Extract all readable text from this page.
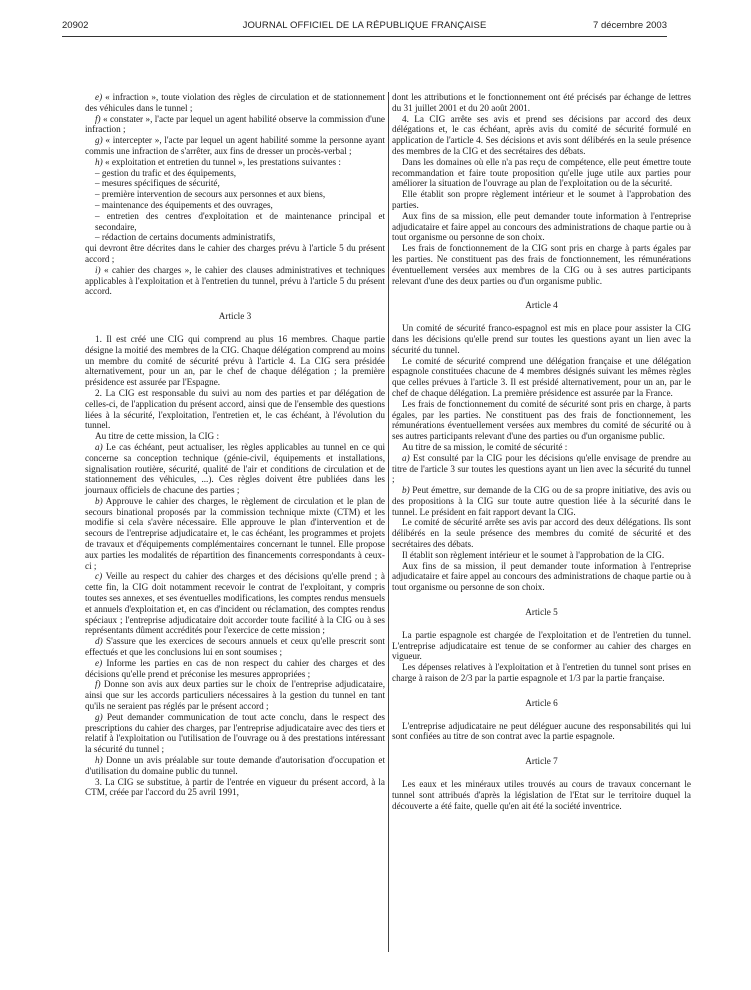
20902	JOURNAL OFFICIEL DE LA RÉPUBLIQUE FRANÇAISE	7 décembre 2003

e) « infraction », toute violation des règles de circulation et de stationnement des véhicules dans le tunnel ;

f) « constater », l'acte par lequel un agent habilité observe la commission d'une infraction ;

g) « intercepter », l'acte par lequel un agent habilité somme la personne ayant commis une infraction de s'arrêter, aux fins de dresser un procès-verbal ;

h) « exploitation et entretien du tunnel », les prestations suivantes :

– gestion du trafic et des équipements,
– mesures spécifiques de sécurité,
– première intervention de secours aux personnes et aux biens,
– maintenance des équipements et des ouvrages,
– entretien des centres d'exploitation et de maintenance principal et secondaire,
– rédaction de certains documents administratifs,

qui devront être décrites dans le cahier des charges prévu à l'article 5 du présent accord ;

i) « cahier des charges », le cahier des clauses administratives et techniques applicables à l'exploitation et à l'entretien du tunnel, prévu à l'article 5 du présent accord.

Article 3

1. Il est créé une CIG qui comprend au plus 16 membres. Chaque partie désigne la moitié des membres de la CIG. Chaque délégation comprend au moins un membre du comité de sécurité prévu à l'article 4. La CIG sera présidée alternativement, pour un an, par le chef de chaque délégation ; la première présidence est assurée par l'Espagne.

2. La CIG est responsable du suivi au nom des parties et par délégation de celles-ci, de l'application du présent accord, ainsi que de l'ensemble des questions liées à la sécurité, l'exploitation, l'entretien et, le cas échéant, à l'évolution du tunnel.

Au titre de cette mission, la CIG :

a) Le cas échéant, peut actualiser, les règles applicables au tunnel en ce qui concerne sa conception technique (génie-civil, équipements et installations, signalisation routière, sécurité, qualité de l'air et conditions de circulation et de stationnement des véhicules, ...). Ces règles doivent être publiées dans les journaux officiels de chacune des parties ;

b) Approuve le cahier des charges, le règlement de circulation et le plan de secours binational proposés par la commission technique mixte (CTM) et les modifie si cela s'avère nécessaire. Elle approuve le plan d'intervention et de secours de l'entreprise adjudicataire et, le cas échéant, les programmes et projets de travaux et d'équipements complémentaires concernant le tunnel. Elle propose aux parties les modalités de répartition des financements correspondants à ceux-ci ;

c) Veille au respect du cahier des charges et des décisions qu'elle prend ; à cette fin, la CIG doit notamment recevoir le contrat de l'exploitant, y compris toutes ses annexes, et ses éventuelles modifications, les comptes rendus mensuels et annuels d'exploitation et, en cas d'incident ou réclamation, des comptes rendus spéciaux ; l'entreprise adjudicataire doit accorder toute facilité à la CIG ou à ses représentants dûment accrédités pour l'exercice de cette mission ;

d) S'assure que les exercices de secours annuels et ceux qu'elle prescrit sont effectués et que les conclusions lui en sont soumises ;

e) Informe les parties en cas de non respect du cahier des charges et des décisions qu'elle prend et préconise les mesures appropriées ;

f) Donne son avis aux deux parties sur le choix de l'entreprise adjudicataire, ainsi que sur les accords particuliers nécessaires à la gestion du tunnel en tant qu'ils ne seraient pas réglés par le présent accord ;

g) Peut demander communication de tout acte conclu, dans le respect des prescriptions du cahier des charges, par l'entreprise adjudicataire avec des tiers et relatif à l'exploitation ou l'utilisation de l'ouvrage ou à des prestations intéressant la sécurité du tunnel ;

h) Donne un avis préalable sur toute demande d'autorisation d'occupation et d'utilisation du domaine public du tunnel.

3. La CIG se substitue, à partir de l'entrée en vigueur du présent accord, à la CTM, créée par l'accord du 25 avril 1991,

dont les attributions et le fonctionnement ont été précisés par échange de lettres du 31 juillet 2001 et du 20 août 2001.

4. La CIG arrête ses avis et prend ses décisions par accord des deux délégations et, le cas échéant, après avis du comité de sécurité formulé en application de l'article 4. Ses décisions et avis sont délibérés en la seule présence des membres de la CIG et des secrétaires des débats.

Dans les domaines où elle n'a pas reçu de compétence, elle peut émettre toute recommandation et faire toute proposition qu'elle juge utile aux parties pour améliorer la situation de l'ouvrage au plan de l'exploitation ou de la sécurité.

Elle établit son propre règlement intérieur et le soumet à l'approbation des parties.

Aux fins de sa mission, elle peut demander toute information à l'entreprise adjudicataire et faire appel au concours des administrations de chaque partie ou à tout organisme ou personne de son choix.

Les frais de fonctionnement de la CIG sont pris en charge à parts égales par les parties. Ne constituent pas des frais de fonctionnement, les rémunérations éventuellement versées aux membres de la CIG ou à ses autres participants relevant d'une des deux parties ou d'un organisme public.

Article 4

Un comité de sécurité franco-espagnol est mis en place pour assister la CIG dans les décisions qu'elle prend sur toutes les questions ayant un lien avec la sécurité du tunnel.

Le comité de sécurité comprend une délégation française et une délégation espagnole constituées chacune de 4 membres désignés suivant les mêmes règles que celles prévues à l'article 3. Il est présidé alternativement, pour un an, par le chef de chaque délégation. La première présidence est assurée par la France.

Les frais de fonctionnement du comité de sécurité sont pris en charge, à parts égales, par les parties. Ne constituent pas des frais de fonctionnement, les rémunérations éventuellement versées aux membres du comité de sécurité ou à ses autres participants relevant d'une des parties ou d'un organisme public.

Au titre de sa mission, le comité de sécurité :

a) Est consulté par la CIG pour les décisions qu'elle envisage de prendre au titre de l'article 3 sur toutes les questions ayant un lien avec la sécurité du tunnel ;

b) Peut émettre, sur demande de la CIG ou de sa propre initiative, des avis ou des propositions à la CIG sur toute autre question liée à la sécurité dans le tunnel. Le président en fait rapport devant la CIG.

Le comité de sécurité arrête ses avis par accord des deux délégations. Ils sont délibérés en la seule présence des membres du comité de sécurité et des secrétaires des débats.

Il établit son règlement intérieur et le soumet à l'approbation de la CIG.

Aux fins de sa mission, il peut demander toute information à l'entreprise adjudicataire et faire appel au concours des administrations de chaque partie ou à tout organisme ou personne de son choix.

Article 5

La partie espagnole est chargée de l'exploitation et de l'entretien du tunnel. L'entreprise adjudicataire est tenue de se conformer au cahier des charges en vigueur.

Les dépenses relatives à l'exploitation et à l'entretien du tunnel sont prises en charge à raison de 2/3 par la partie espagnole et 1/3 par la partie française.

Article 6

L'entreprise adjudicataire ne peut déléguer aucune des responsabilités qui lui sont confiées au titre de son contrat avec la partie espagnole.

Article 7

Les eaux et les minéraux utiles trouvés au cours de travaux concernant le tunnel sont attribués d'après la législation de l'Etat sur le territoire duquel la découverte a été faite, quelle qu'en ait été la société inventrice.
